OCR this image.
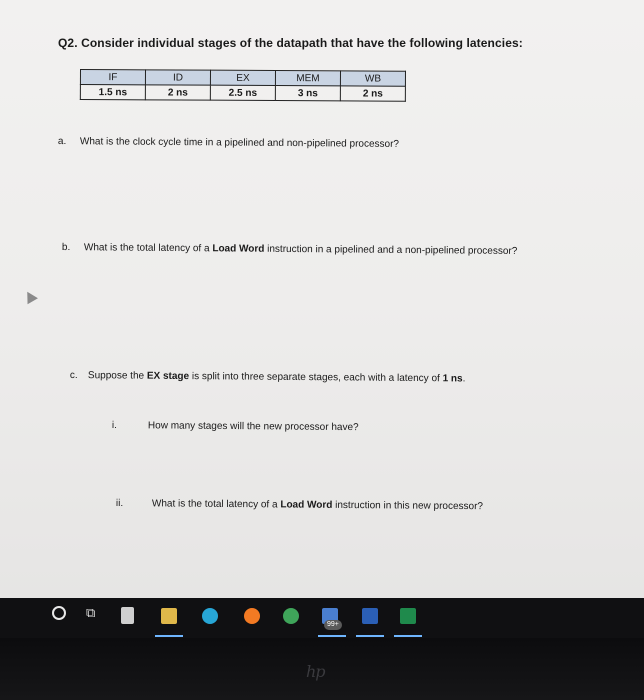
Q2. Consider individual stages of the datapath that have the following latencies:
IF	ID	EX	MEM	WB
1.5 ns	2 ns	2.5 ns	3 ns	2 ns
a. What is the clock cycle time in a pipelined and non-pipelined processor?
b. What is the total latency of a Load Word instruction in a pipelined and a non-pipelined processor?
c. Suppose the EX stage is split into three separate stages, each with a latency of 1 ns.
i.	How many stages will the new processor have?
ii.	What is the total latency of a Load Word instruction in this new processor?
⧉
99+
hp
